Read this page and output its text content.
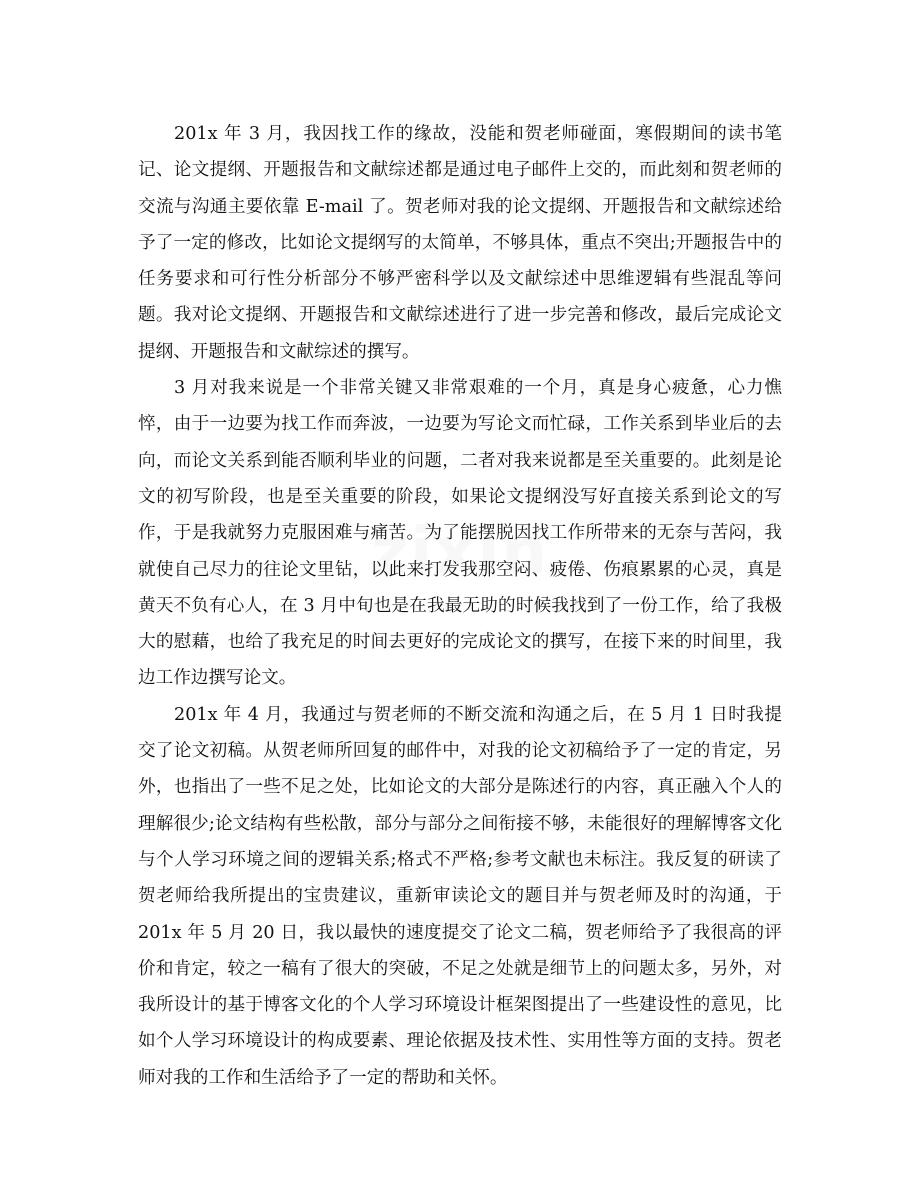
zixin

201x 年 3 月，我因找工作的缘故，没能和贺老师碰面，寒假期间的读书笔记、论文提纲、开题报告和文献综述都是通过电子邮件上交的，而此刻和贺老师的交流与沟通主要依靠 E-mail 了。贺老师对我的论文提纲、开题报告和文献综述给予了一定的修改，比如论文提纲写的太简单，不够具体，重点不突出;开题报告中的任务要求和可行性分析部分不够严密科学以及文献综述中思维逻辑有些混乱等问题。我对论文提纲、开题报告和文献综述进行了进一步完善和修改，最后完成论文提纲、开题报告和文献综述的撰写。

3 月对我来说是一个非常关键又非常艰难的一个月，真是身心疲惫，心力憔悴，由于一边要为找工作而奔波，一边要为写论文而忙碌，工作关系到毕业后的去向，而论文关系到能否顺利毕业的问题，二者对我来说都是至关重要的。此刻是论文的初写阶段，也是至关重要的阶段，如果论文提纲没写好直接关系到论文的写作，于是我就努力克服困难与痛苦。为了能摆脱因找工作所带来的无奈与苦闷，我就使自己尽力的往论文里钻，以此来打发我那空闷、疲倦、伤痕累累的心灵，真是黄天不负有心人，在 3 月中旬也是在我最无助的时候我找到了一份工作，给了我极大的慰藉，也给了我充足的时间去更好的完成论文的撰写，在接下来的时间里，我边工作边撰写论文。

201x 年 4 月，我通过与贺老师的不断交流和沟通之后，在 5 月 1 日时我提交了论文初稿。从贺老师所回复的邮件中，对我的论文初稿给予了一定的肯定，另外，也指出了一些不足之处，比如论文的大部分是陈述行的内容，真正融入个人的理解很少;论文结构有些松散，部分与部分之间衔接不够，未能很好的理解博客文化与个人学习环境之间的逻辑关系;格式不严格;参考文献也未标注。我反复的研读了贺老师给我所提出的宝贵建议，重新审读论文的题目并与贺老师及时的沟通，于 201x 年 5 月 20 日，我以最快的速度提交了论文二稿，贺老师给予了我很高的评价和肯定，较之一稿有了很大的突破，不足之处就是细节上的问题太多，另外，对我所设计的基于博客文化的个人学习环境设计框架图提出了一些建设性的意见，比如个人学习环境设计的构成要素、理论依据及技术性、实用性等方面的支持。贺老师对我的工作和生活给予了一定的帮助和关怀。
